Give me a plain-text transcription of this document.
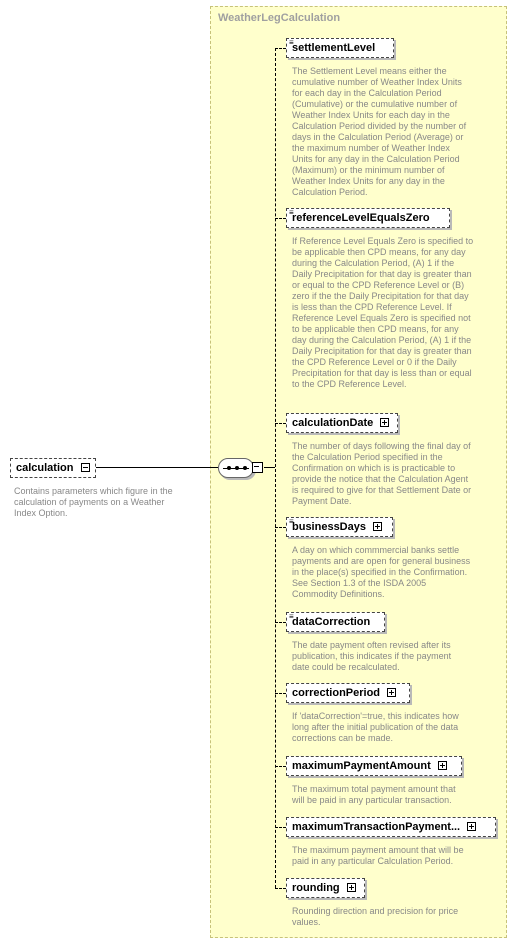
WeatherLegCalculation
calculation
Contains parameters which figure in the calculation of payments on a Weather Index Option.
≡ settlementLevel
The Settlement Level means either the cumulative number of Weather Index Units for each day in the Calculation Period (Cumulative) or the cumulative number of Weather Index Units for each day in the Calculation Period divided by the number of days in the Calculation Period (Average) or the maximum number of Weather Index Units for any day in the Calculation Period (Maximum) or the minimum number of Weather Index Units for any day in the Calculation Period.
≡ referenceLevelEqualsZero
If Reference Level Equals Zero is specified to be applicable then CPD means, for any day during the Calculation Period, (A) 1 if the Daily Precipitation for that day is greater than or equal to the CPD Reference Level or (B) zero if the the Daily Precipitation for that day is less than the CPD Reference Level. If Reference Level Equals Zero is specified not to be applicable then CPD means, for any day during the Calculation Period, (A) 1 if the Daily Precipitation for that day is greater than the CPD Reference Level or 0 if the Daily Precipitation for that day is less than or equal to the CPD Reference Level.
calculationDate
The number of days following the final day of the Calculation Period specified in the Confirmation on which is is practicable to provide the notice that the Calculation Agent is required to give for that Settlement Date or Payment Date.
≡ businessDays
A day on which commmercial banks settle payments and are open for general business in the place(s) specified in the Confirmation. See Section 1.3 of the ISDA 2005 Commodity Definitions.
≡ dataCorrection
The date payment often revised after its publication, this indicates if the payment date could be recalculated.
correctionPeriod
If 'dataCorrection'=true, this indicates how long after the initial publication of the data corrections can be made.
maximumPaymentAmount
The maximum total payment amount that will be paid in any particular transaction.
maximumTransactionPayment...
The maximum payment amount that will be paid in any particular Calculation Period.
rounding
Rounding direction and precision for price values.
